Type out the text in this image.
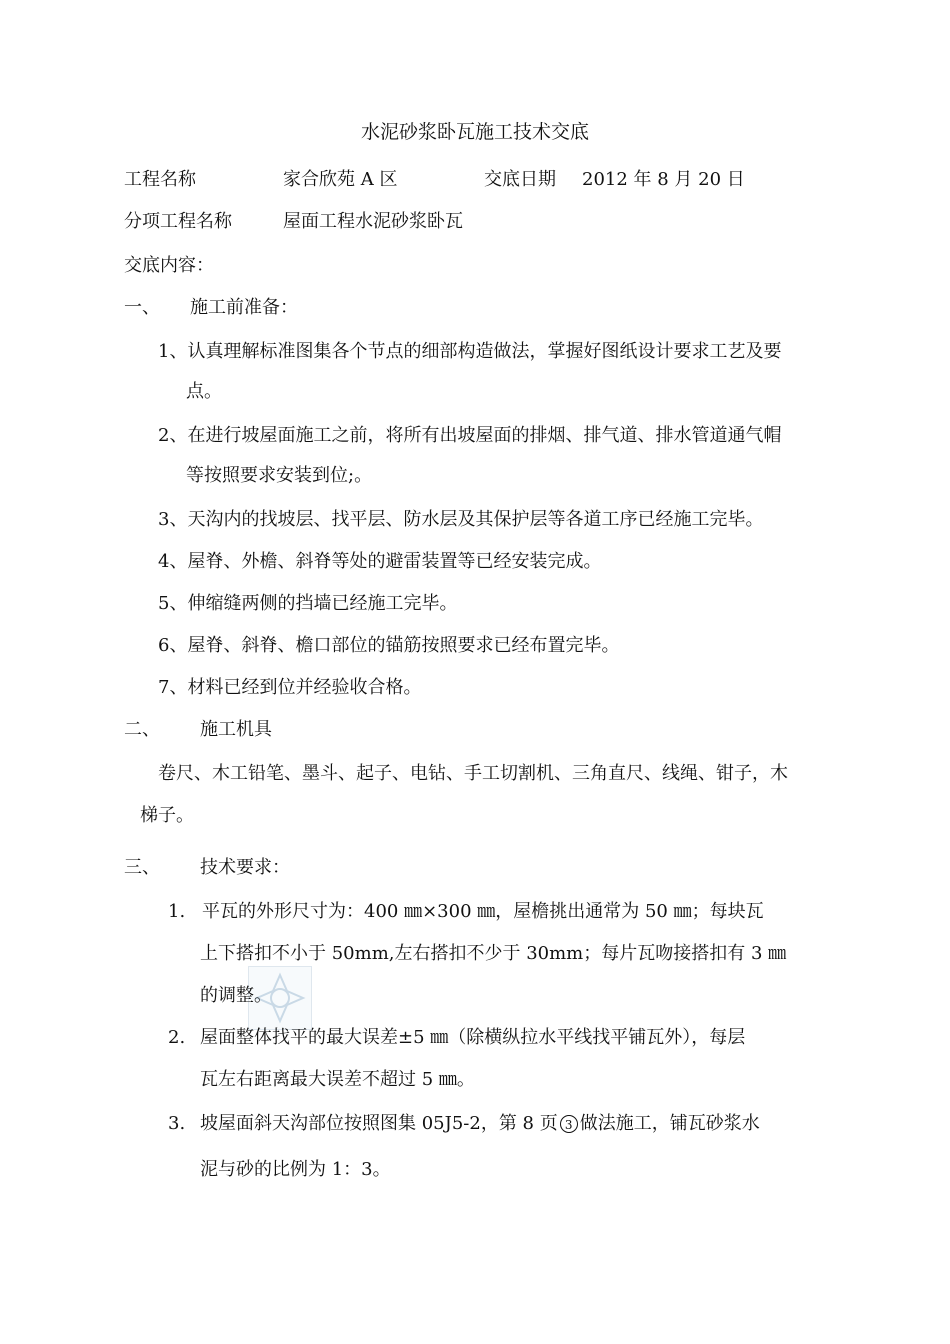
水泥砂浆卧瓦施工技术交底
工程名称	家合欣苑 A 区	交底日期 2012 年 8 月 20 日
分项工程名称	屋面工程水泥砂浆卧瓦
交底内容：
一、 施工前准备：
1、认真理解标准图集各个节点的细部构造做法，掌握好图纸设计要求工艺及要
点。
2、在进行坡屋面施工之前，将所有出坡屋面的排烟、排气道、排水管道通气帽
等按照要求安装到位;。
3、天沟内的找坡层、找平层、防水层及其保护层等各道工序已经施工完毕。
4、屋脊、外檐、斜脊等处的避雷装置等已经安装完成。
5、伸缩缝两侧的挡墙已经施工完毕。
6、屋脊、斜脊、檐口部位的锚筋按照要求已经布置完毕。
7、材料已经到位并经验收合格。
二、 施工机具
卷尺、木工铅笔、墨斗、起子、电钻、手工切割机、三角直尺、线绳、钳子，木
梯子。
三、 技术要求：
1. 平瓦的外形尺寸为：400 ㎜×300 ㎜，屋檐挑出通常为 50 ㎜；每块瓦
上下搭扣不小于 50mm,左右搭扣不少于 30mm；每片瓦吻接搭扣有 3 ㎜
的调整。
2. 屋面整体找平的最大误差±5 ㎜（除横纵拉水平线找平铺瓦外），每层
瓦左右距离最大误差不超过 5 ㎜。
3. 坡屋面斜天沟部位按照图集 05J5-2，第 8 页 3 做法施工，铺瓦砂浆水
泥与砂的比例为 1：3。
